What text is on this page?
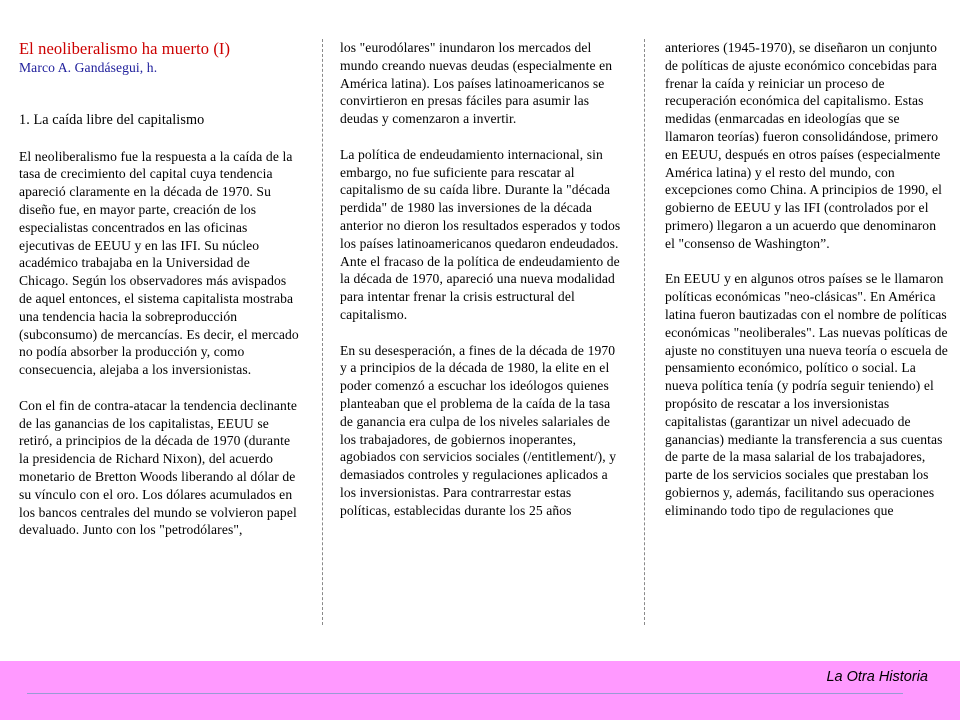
El neoliberalismo ha muerto (I)
Marco A. Gandásegui, h.
1. La caída libre del capitalismo

El neoliberalismo fue la respuesta a la caída de la tasa de crecimiento del capital cuya tendencia apareció claramente en la década de 1970. Su diseño fue, en mayor parte, creación de los especialistas concentrados en las oficinas ejecutivas de EEUU y en las IFI. Su núcleo académico trabajaba en la Universidad de Chicago. Según los observadores más avispados de aquel entonces, el sistema capitalista mostraba una tendencia hacia la sobreproducción (subconsumo) de mercancías. Es decir, el mercado no podía absorber la producción y, como consecuencia, alejaba a los inversionistas.

Con el fin de contra-atacar la tendencia declinante de las ganancias de los capitalistas, EEUU se retiró, a principios de la década de 1970 (durante la presidencia de Richard Nixon), del acuerdo monetario de Bretton Woods liberando al dólar de su vínculo con el oro. Los dólares acumulados en los bancos centrales del mundo se volvieron papel devaluado. Junto con los "petrodólares",

los "eurodólares" inundaron los mercados del mundo creando nuevas deudas (especialmente en América latina). Los países latinoamericanos se convirtieron en presas fáciles para asumir las deudas y comenzaron a invertir.

La política de endeudamiento internacional, sin embargo, no fue suficiente para rescatar al capitalismo de su caída libre. Durante la "década perdida" de 1980 las inversiones de la década anterior no dieron los resultados esperados y todos los países latinoamericanos quedaron endeudados. Ante el fracaso de la política de endeudamiento de la década de 1970, apareció una nueva modalidad para intentar frenar la crisis estructural del capitalismo.

En su desesperación, a fines de la década de 1970 y a principios de la década de 1980, la elite en el poder comenzó a escuchar los ideólogos quienes planteaban que el problema de la caída de la tasa de ganancia era culpa de los niveles salariales de los trabajadores, de gobiernos inoperantes, agobiados con servicios sociales (/entitlement/), y demasiados controles y regulaciones aplicados a los inversionistas. Para contrarrestar estas políticas, establecidas durante los 25 años

anteriores (1945-1970), se diseñaron un conjunto de políticas de ajuste económico concebidas para frenar la caída y reiniciar un proceso de recuperación económica del capitalismo. Estas medidas (enmarcadas en ideologías que se llamaron teorías) fueron consolidándose, primero en EEUU, después en otros países (especialmente América latina) y el resto del mundo, con excepciones como China. A principios de 1990, el gobierno de EEUU y las IFI (controlados por el primero) llegaron a un acuerdo que denominaron el "consenso de Washington”.

En EEUU y en algunos otros países se le llamaron políticas económicas "neo-clásicas". En América latina fueron bautizadas con el nombre de políticas económicas "neoliberales". Las nuevas políticas de ajuste no constituyen una nueva teoría o escuela de pensamiento económico, político o social. La nueva política tenía (y podría seguir teniendo) el propósito de rescatar a los inversionistas capitalistas (garantizar un nivel adecuado de ganancias) mediante la transferencia a sus cuentas de parte de la masa salarial de los trabajadores, parte de los servicios sociales que prestaban los gobiernos y, además, facilitando sus operaciones eliminando todo tipo de regulaciones que

La Otra Historia
